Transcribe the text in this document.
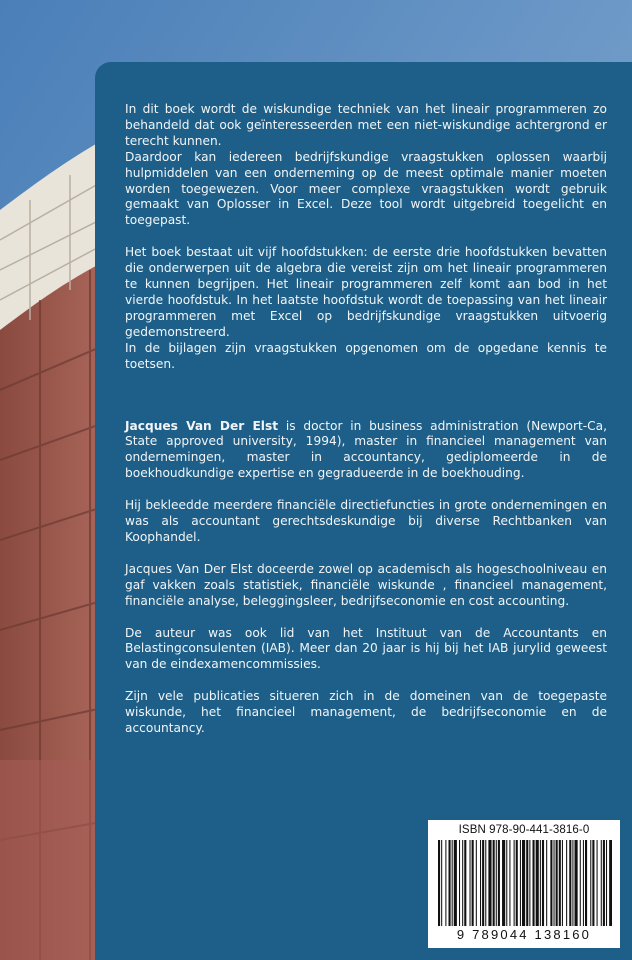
In dit boek wordt de wiskundige techniek van het lineair programmeren zo behandeld dat ook geïnteresseerden met een niet-wiskundige achtergrond er terecht kunnen.

Daardoor kan iedereen bedrijfskundige vraagstukken oplossen waarbij hulpmiddelen van een onderneming op de meest optimale manier moeten worden toegewezen. Voor meer complexe vraagstukken wordt gebruik gemaakt van Oplosser in Excel. Deze tool wordt uitgebreid toegelicht en toegepast.

Het boek bestaat uit vijf hoofdstukken: de eerste drie hoofdstukken bevatten die onderwerpen uit de algebra die vereist zijn om het lineair programmeren te kunnen begrijpen. Het lineair programmeren zelf komt aan bod in het vierde hoofdstuk. In het laatste hoofdstuk wordt de toepassing van het lineair programmeren met Excel op bedrijfskundige vraagstukken uitvoerig gedemonstreerd.

In de bijlagen zijn vraagstukken opgenomen om de opgedane kennis te toetsen.

Jacques Van Der Elst is doctor in business administration (Newport-Ca, State approved university, 1994), master in financieel management van ondernemingen, master in accountancy, gediplomeerde in de boekhoudkundige expertise en gegradueerde in de boekhouding.

Hij bekleedde meerdere financiële directiefuncties in grote ondernemingen en was als accountant gerechtsdeskundige bij diverse Rechtbanken van Koophandel.

Jacques Van Der Elst doceerde zowel op academisch als hogeschoolniveau en gaf vakken zoals statistiek, financiële wiskunde , financieel management, financiële analyse, beleggingsleer, bedrijfseconomie en cost accounting.

De auteur was ook lid van het Instituut van de Accountants en Belastingconsulenten (IAB). Meer dan 20 jaar is hij bij het IAB jurylid geweest van de eindexamencommissies.

Zijn vele publicaties situeren zich in de domeinen van de toegepaste wiskunde, het financieel management, de bedrijfseconomie en de accountancy.

ISBN 978-90-441-3816-0
9 789044 138160
